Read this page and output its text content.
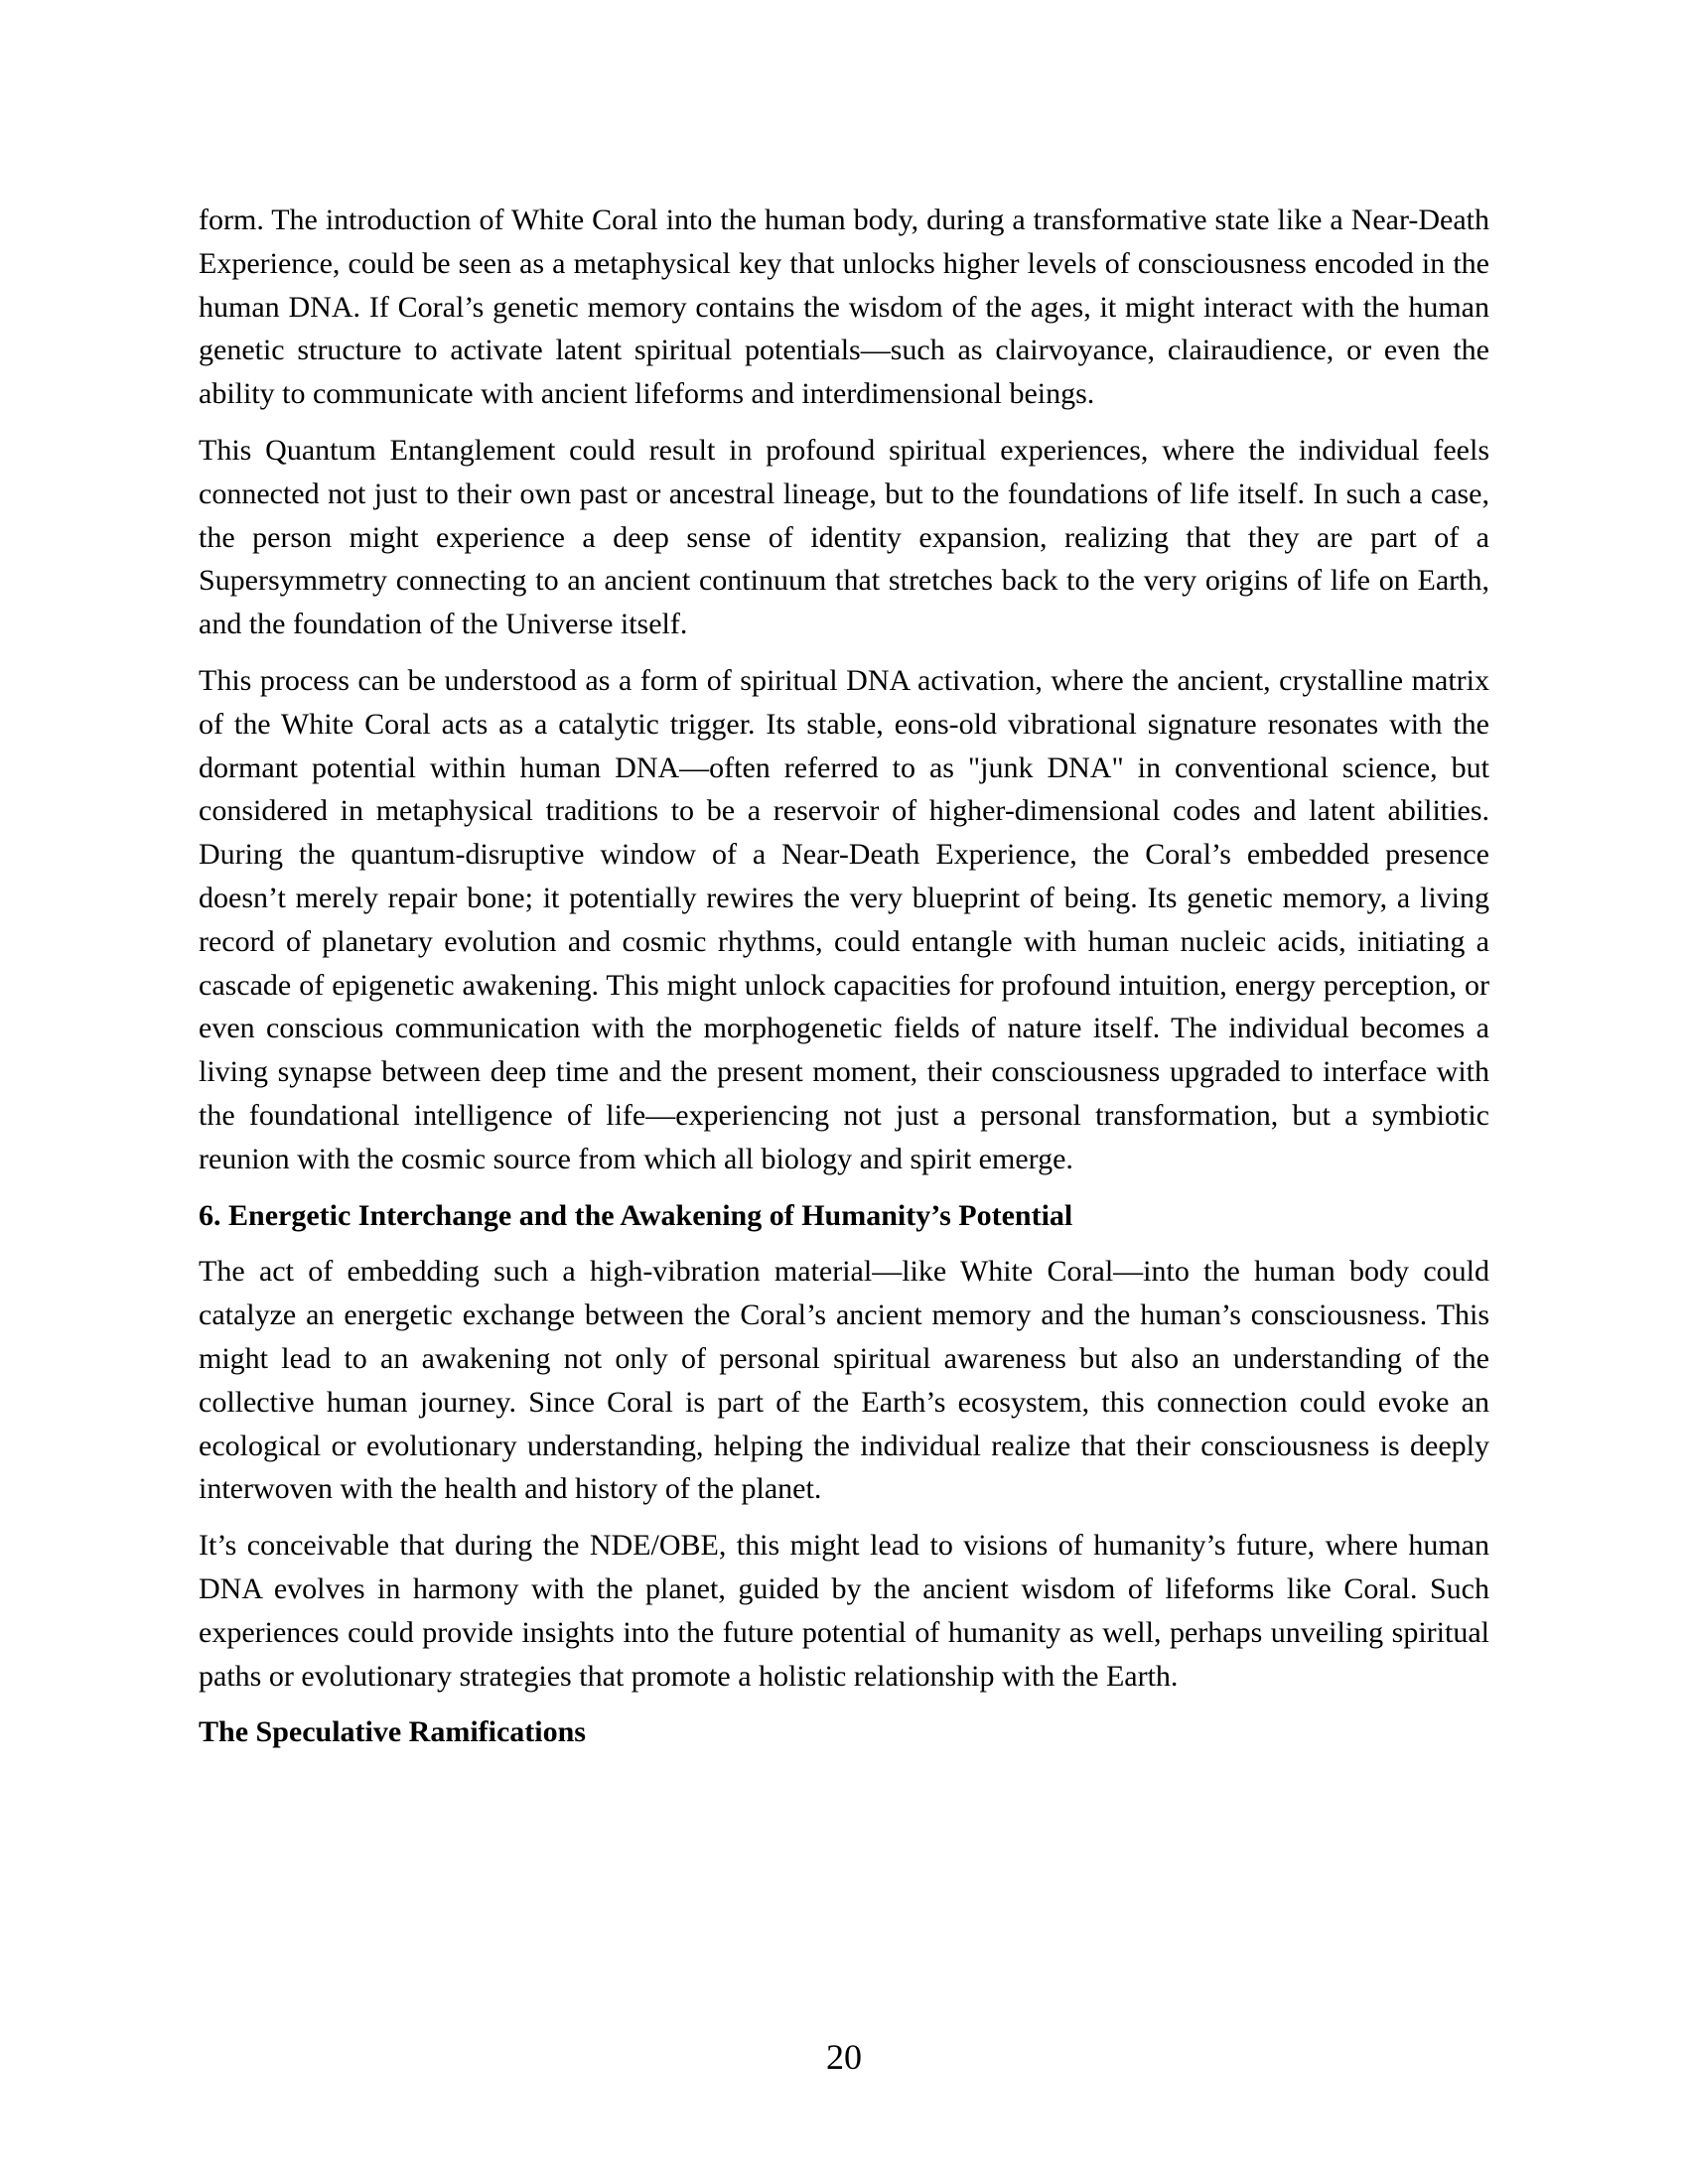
form. The introduction of White Coral into the human body, during a transformative state like a Near-Death Experience, could be seen as a metaphysical key that unlocks higher levels of consciousness encoded in the human DNA. If Coral’s genetic memory contains the wisdom of the ages, it might interact with the human genetic structure to activate latent spiritual potentials—such as clairvoyance, clairaudience, or even the ability to communicate with ancient lifeforms and interdimensional beings.

This Quantum Entanglement could result in profound spiritual experiences, where the individual feels connected not just to their own past or ancestral lineage, but to the foundations of life itself. In such a case, the person might experience a deep sense of identity expansion, realizing that they are part of a Supersymmetry connecting to an ancient continuum that stretches back to the very origins of life on Earth, and the foundation of the Universe itself.

This process can be understood as a form of spiritual DNA activation, where the ancient, crystalline matrix of the White Coral acts as a catalytic trigger. Its stable, eons-old vibrational signature resonates with the dormant potential within human DNA—often referred to as "junk DNA" in conventional science, but considered in metaphysical traditions to be a reservoir of higher-dimensional codes and latent abilities. During the quantum-disruptive window of a Near-Death Experience, the Coral’s embedded presence doesn’t merely repair bone; it potentially rewires the very blueprint of being. Its genetic memory, a living record of planetary evolution and cosmic rhythms, could entangle with human nucleic acids, initiating a cascade of epigenetic awakening. This might unlock capacities for profound intuition, energy perception, or even conscious communication with the morphogenetic fields of nature itself. The individual becomes a living synapse between deep time and the present moment, their consciousness upgraded to interface with the foundational intelligence of life—experiencing not just a personal transformation, but a symbiotic reunion with the cosmic source from which all biology and spirit emerge.

6. Energetic Interchange and the Awakening of Humanity’s Potential

The act of embedding such a high-vibration material—like White Coral—into the human body could catalyze an energetic exchange between the Coral’s ancient memory and the human’s consciousness. This might lead to an awakening not only of personal spiritual awareness but also an understanding of the collective human journey. Since Coral is part of the Earth’s ecosystem, this connection could evoke an ecological or evolutionary understanding, helping the individual realize that their consciousness is deeply interwoven with the health and history of the planet.

It’s conceivable that during the NDE/OBE, this might lead to visions of humanity’s future, where human DNA evolves in harmony with the planet, guided by the ancient wisdom of lifeforms like Coral. Such experiences could provide insights into the future potential of humanity as well, perhaps unveiling spiritual paths or evolutionary strategies that promote a holistic relationship with the Earth.

The Speculative Ramifications

20
